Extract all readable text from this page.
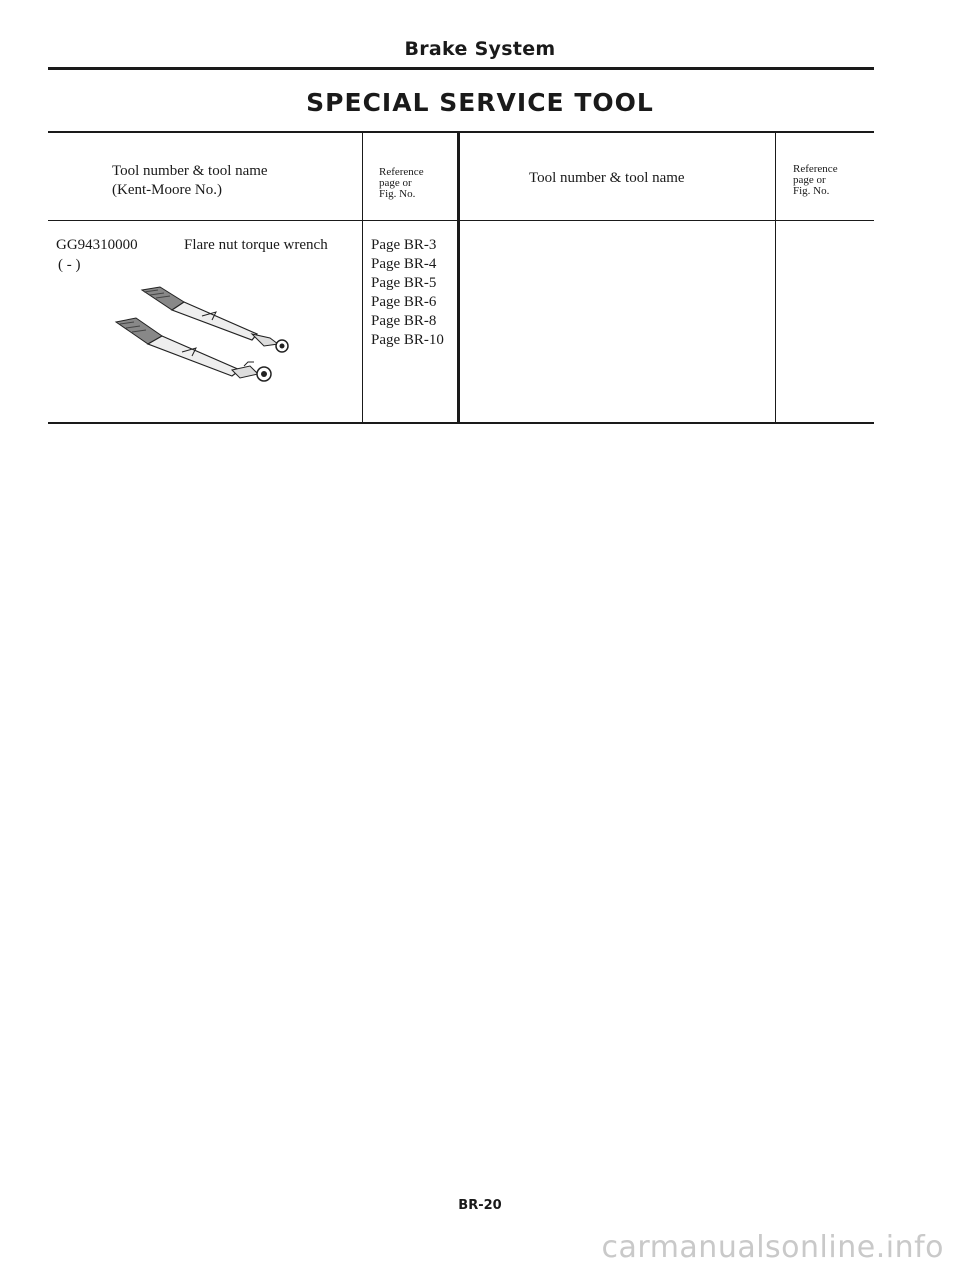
Brake System
SPECIAL SERVICE TOOL
Tool number & tool name
(Kent-Moore No.)
Reference
page or
Fig. No.
Tool number & tool name
Reference
page or
Fig. No.
GG94310000	Flare nut torque wrench
( - )
Page BR-3
Page BR-4
Page BR-5
Page BR-6
Page BR-8
Page BR-10
BR-20
carmanualsonline.info
